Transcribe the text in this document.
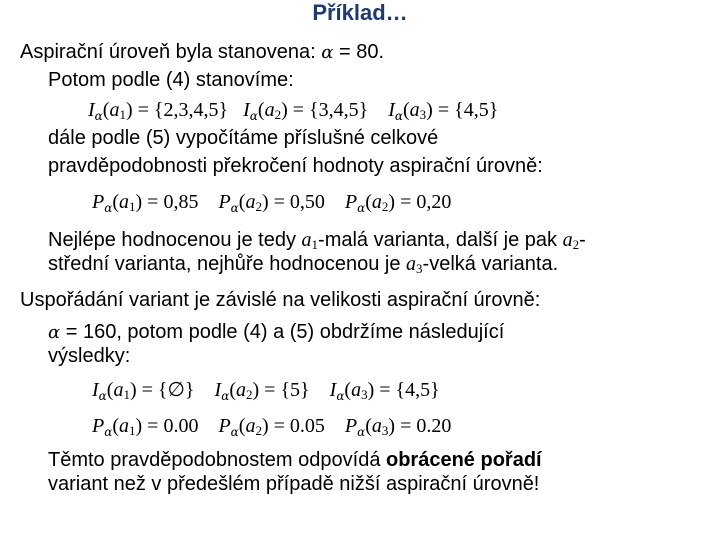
Příklad…
Aspirační úroveň byla stanovena: α = 80.
Potom podle (4) stanovíme:
$I_\alpha(a_1) = \{2,3,4,5\} I_\alpha(a_2) = \{3,4,5\} I_\alpha(a_3) = \{4,5\}$
dále podle (5) vypočítáme příslušné celkové
pravděpodobnosti překročení hodnoty aspirační úrovně:
$P_\alpha(a_1) = 0,85$ $P_\alpha(a_2) = 0,50$ $P_\alpha(a_2) = 0,20$
Nejlépe hodnocenou je tedy $a_1$-malá varianta, další je pak $a_2-$
střední varianta, nejhůře hodnocenou je $a_3$-velká varianta.
Uspořádání variant je závislé na velikosti aspirační úrovně:
α = 160, potom podle (4) a (5) obdržíme následující
výsledky:
$I_\alpha(a_1)$ = {∅} $I_\alpha(a_2) = \{5\} I_\alpha(a_3) = \{4,5\}$
$P_\alpha(a_1) = 0.00$ $P_\alpha(a_2) = 0.05$ $P_\alpha(a_3) = 0.20$
Těmto pravděpodobnostem odpovídá obrácené pořadí
variant než v předešlém případě nižší aspirační úrovně!
